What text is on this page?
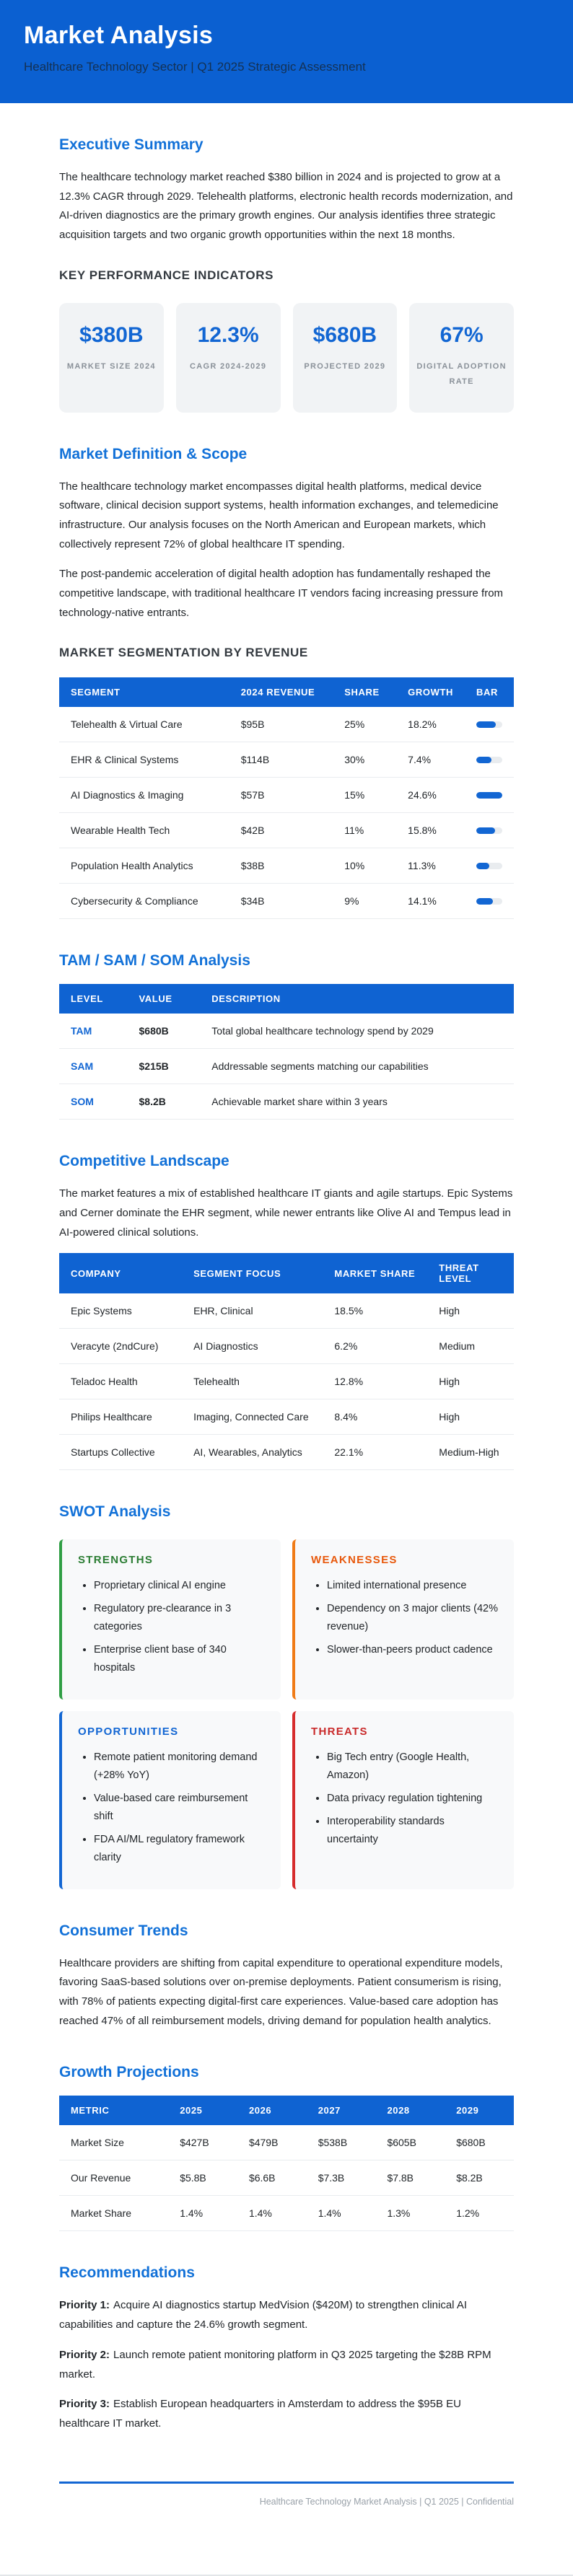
Market Analysis
Healthcare Technology Sector | Q1 2025 Strategic Assessment
Executive Summary

The healthcare technology market reached $380 billion in 2024 and is projected to grow at a 12.3% CAGR through 2029. Telehealth platforms, electronic health records modernization, and AI-driven diagnostics are the primary growth engines. Our analysis identifies three strategic acquisition targets and two organic growth opportunities within the next 18 months.

KEY PERFORMANCE INDICATORS
$380B
MARKET SIZE 2024
12.3%
CAGR 2024-2029
$680B
PROJECTED 2029
67%
DIGITAL ADOPTION RATE
Market Definition & Scope

The healthcare technology market encompasses digital health platforms, medical device software, clinical decision support systems, health information exchanges, and telemedicine infrastructure. Our analysis focuses on the North American and European markets, which collectively represent 72% of global healthcare IT spending.

The post-pandemic acceleration of digital health adoption has fundamentally reshaped the competitive landscape, with traditional healthcare IT vendors facing increasing pressure from technology-native entrants.

MARKET SEGMENTATION BY REVENUE
SEGMENT	2024 REVENUE	SHARE	GROWTH	BAR
Telehealth & Virtual Care	$95B	25%	18.2%	

EHR & Clinical Systems	$114B	30%	7.4%	

AI Diagnostics & Imaging	$57B	15%	24.6%	

Wearable Health Tech	$42B	11%	15.8%	

Population Health Analytics	$38B	10%	11.3%	

Cybersecurity & Compliance	$34B	9%	14.1%	
TAM / SAM / SOM Analysis
LEVEL	VALUE	DESCRIPTION
TAM	$680B	Total global healthcare technology spend by 2029
SAM	$215B	Addressable segments matching our capabilities
SOM	$8.2B	Achievable market share within 3 years
Competitive Landscape

The market features a mix of established healthcare IT giants and agile startups. Epic Systems and Cerner dominate the EHR segment, while newer entrants like Olive AI and Tempus lead in AI-powered clinical solutions.

COMPANY	SEGMENT FOCUS	MARKET SHARE	THREAT LEVEL
Epic Systems	EHR, Clinical	18.5%	High
Veracyte (2ndCure)	AI Diagnostics	6.2%	Medium
Teladoc Health	Telehealth	12.8%	High
Philips Healthcare	Imaging, Connected Care	8.4%	High
Startups Collective	AI, Wearables, Analytics	22.1%	Medium-High
SWOT Analysis
STRENGTHS
• Proprietary clinical AI engine
• Regulatory pre-clearance in 3 categories
• Enterprise client base of 340 hospitals
WEAKNESSES
• Limited international presence
• Dependency on 3 major clients (42% revenue)
• Slower-than-peers product cadence
OPPORTUNITIES
• Remote patient monitoring demand (+28% YoY)
• Value-based care reimbursement shift
• FDA AI/ML regulatory framework clarity
THREATS
• Big Tech entry (Google Health, Amazon)
• Data privacy regulation tightening
• Interoperability standards uncertainty
Consumer Trends

Healthcare providers are shifting from capital expenditure to operational expenditure models, favoring SaaS-based solutions over on-premise deployments. Patient consumerism is rising, with 78% of patients expecting digital-first care experiences. Value-based care adoption has reached 47% of all reimbursement models, driving demand for population health analytics.

Growth Projections
METRIC	2025	2026	2027	2028	2029
Market Size	$427B	$479B	$538B	$605B	$680B
Our Revenue	$5.8B	$6.6B	$7.3B	$7.8B	$8.2B
Market Share	1.4%	1.4%	1.4%	1.3%	1.2%
Recommendations

Priority 1: Acquire AI diagnostics startup MedVision ($420M) to strengthen clinical AI capabilities and capture the 24.6% growth segment.

Priority 2: Launch remote patient monitoring platform in Q3 2025 targeting the $28B RPM market.

Priority 3: Establish European headquarters in Amsterdam to address the $95B EU healthcare IT market.

Healthcare Technology Market Analysis | Q1 2025 | Confidential
